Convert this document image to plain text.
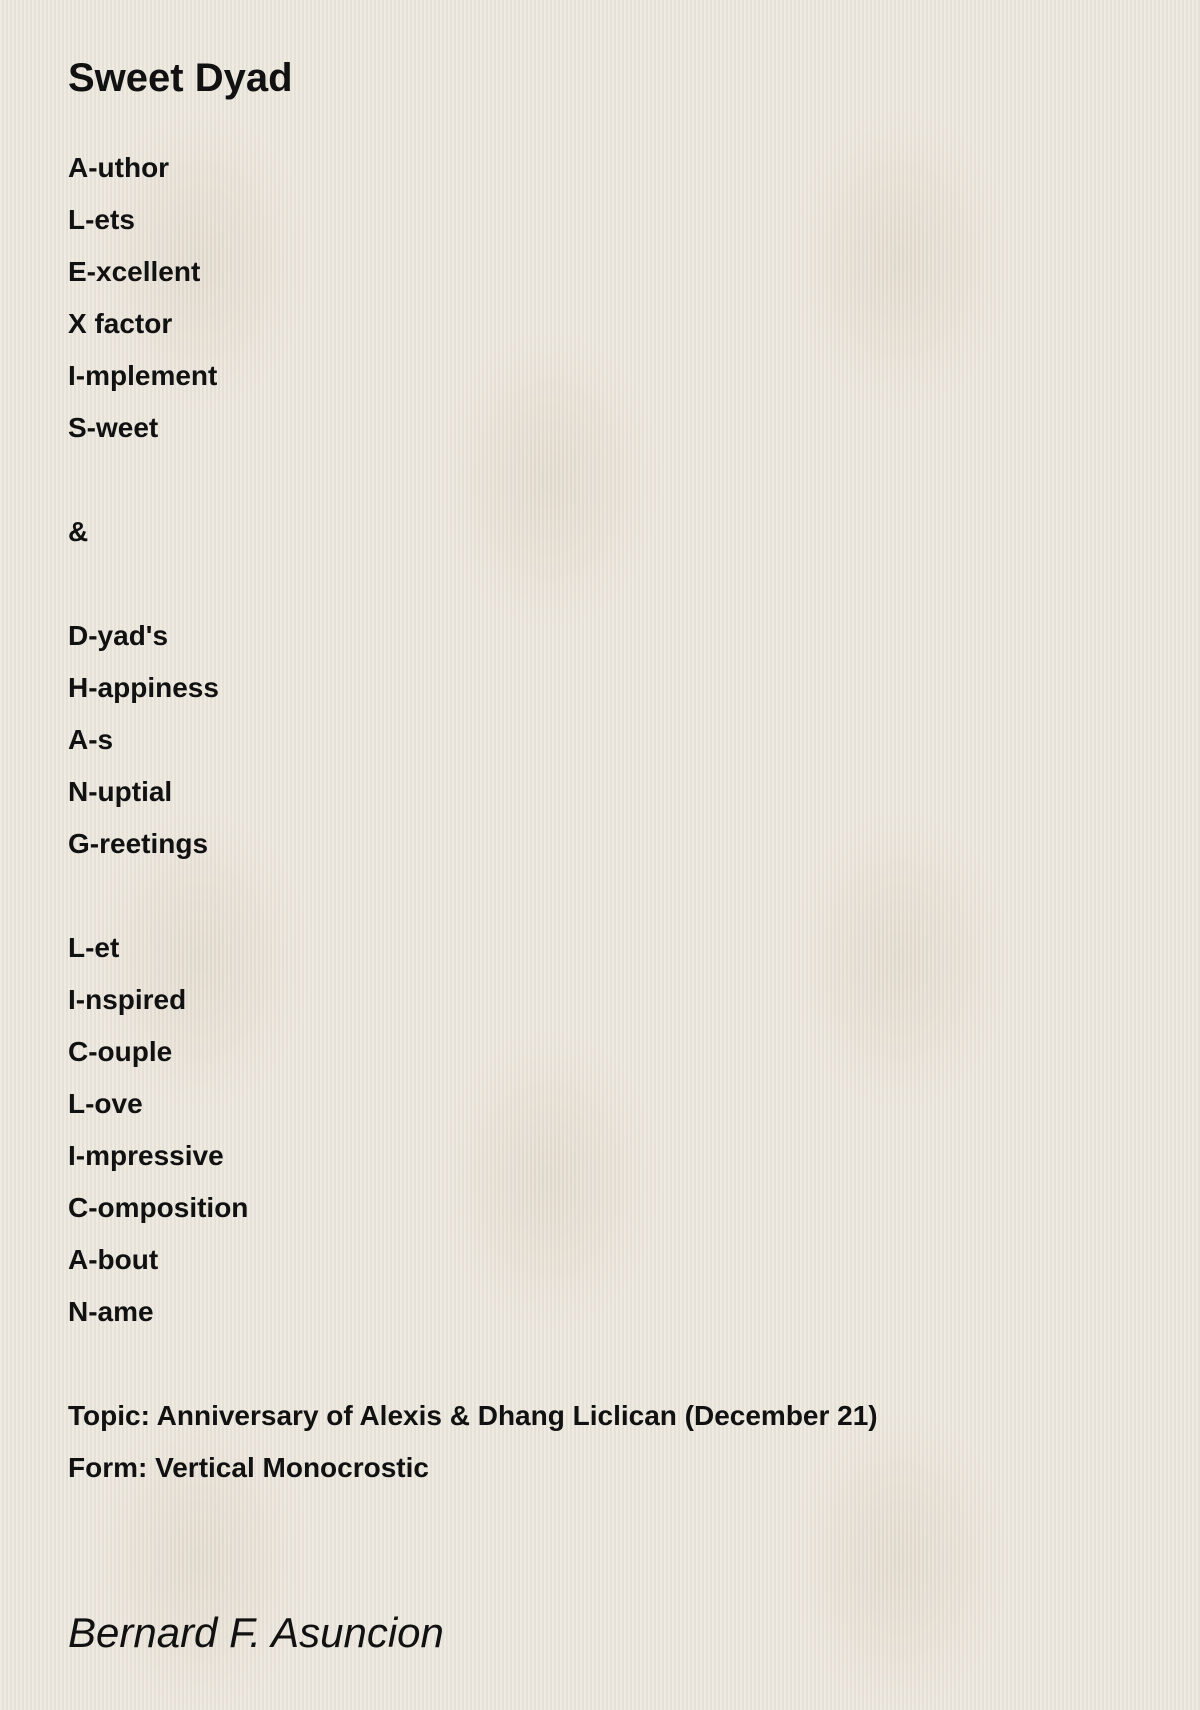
Sweet Dyad
A-uthor
L-ets
E-xcellent
X factor
I-mplement
S-weet
&
D-yad's
H-appiness
A-s
N-uptial
G-reetings
L-et
I-nspired
C-ouple
L-ove
I-mpressive
C-omposition
A-bout
N-ame
Topic: Anniversary of Alexis & Dhang Liclican (December 21)
Form: Vertical Monocrostic
Bernard F. Asuncion
